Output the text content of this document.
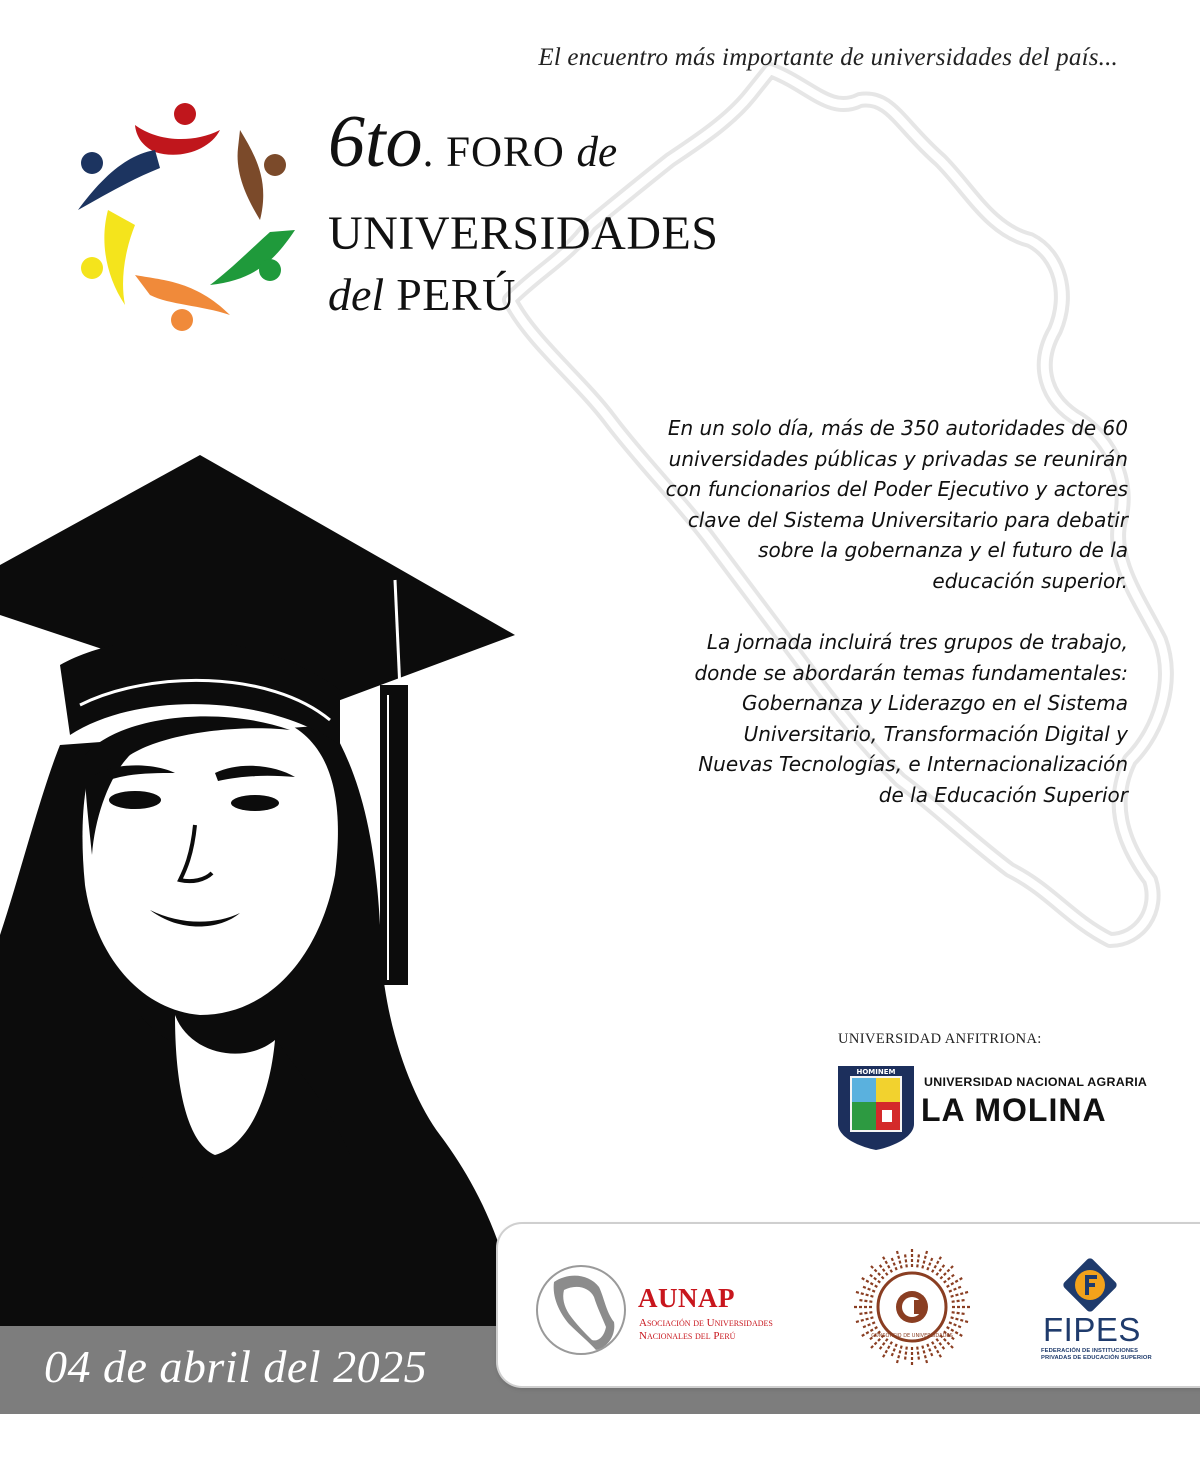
El encuentro más importante de universidades del país...
6to. FORO de
UNIVERSIDADES
del PERÚ
En un solo día, más de 350 autoridades de 60
universidades públicas y privadas se reunirán
con funcionarios del Poder Ejecutivo y actores
clave del Sistema Universitario para debatir
sobre la gobernanza y el futuro de la
educación superior.
La jornada incluirá tres grupos de trabajo,
donde se abordarán temas fundamentales:
Gobernanza y Liderazgo en el Sistema
Universitario, Transformación Digital y
Nuevas Tecnologías, e Internacionalización
de la Educación Superior
UNIVERSIDAD ANFITRIONA:
HOMINEM
UNIVERSIDAD NACIONAL AGRARIA
LA MOLINA
04 de abril del 2025
AUNAP
Asociación de Universidades
Nacionales del Perú	CONSORCIO DE UNIVERSIDADES	FIPES
FEDERACIÓN DE INSTITUCIONES
PRIVADAS DE EDUCACIÓN SUPERIOR
